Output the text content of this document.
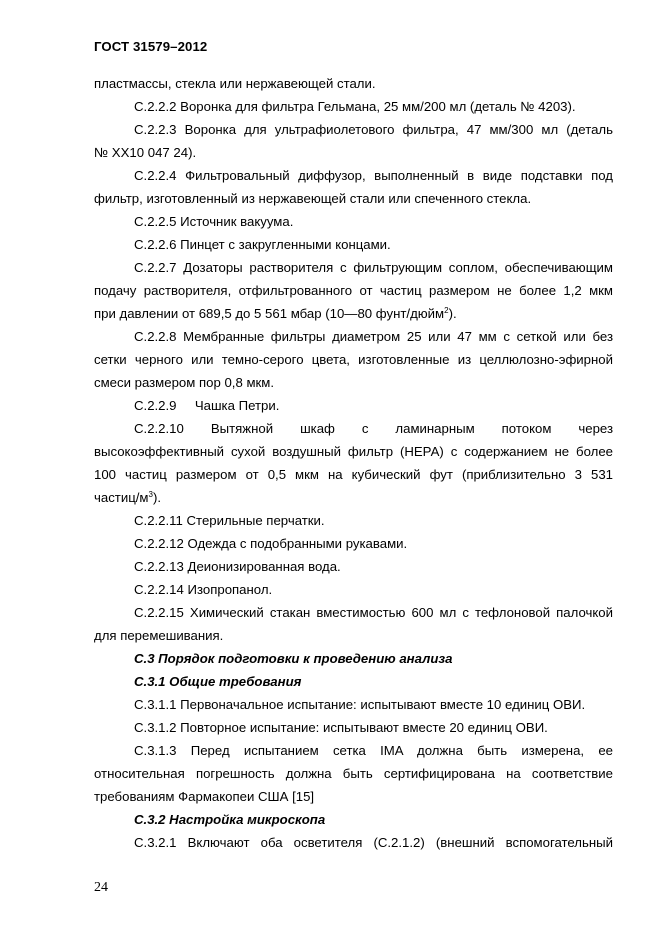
ГОСТ 31579–2012
пластмассы, стекла или нержавеющей стали.
С.2.2.2 Воронка для фильтра Гельмана, 25 мм/200 мл (деталь № 4203).
С.2.2.3 Воронка для ультрафиолетового фильтра, 47 мм/300 мл (деталь
№ ХХ10 047 24).
С.2.2.4 Фильтровальный диффузор, выполненный в виде подставки под
фильтр, изготовленный из нержавеющей стали или спеченного стекла.
С.2.2.5 Источник вакуума.
С.2.2.6 Пинцет с закругленными концами.
С.2.2.7 Дозаторы растворителя с фильтрующим соплом, обеспечивающим
подачу растворителя, отфильтрованного от частиц размером не более 1,2 мкм
при давлении от 689,5 до 5 561 мбар (10—80 фунт/дюйм$^2$).
С.2.2.8 Мембранные фильтры диаметром 25 или 47 мм с сеткой или без
сетки черного или темно-серого цвета, изготовленные из целлюлозно-эфирной
смеси размером пор 0,8 мкм.
С.2.2.9     Чашка Петри.
С.2.2.10 Вытяжной шкаф с ламинарным потоком через
высокоэффективный сухой воздушный фильтр (НЕРА) с содержанием не более
100 частиц размером от 0,5 мкм на кубический фут (приблизительно 3 531
частиц/$м^3$).
С.2.2.11 Стерильные перчатки.
С.2.2.12 Одежда с подобранными рукавами.
С.2.2.13 Деионизированная вода.
С.2.2.14 Изопропанол.
С.2.2.15 Химический стакан вместимостью 600 мл с тефлоновой палочкой
для перемешивания.
С.3 Порядок подготовки к проведению анализа
С.3.1 Общие требования
С.3.1.1 Первоначальное испытание: испытывают вместе 10 единиц ОВИ.
С.3.1.2 Повторное испытание: испытывают вместе 20 единиц ОВИ.
С.3.1.3 Перед испытанием сетка IMA должна быть измерена, ее
относительная погрешность должна быть сертифицирована на соответствие
требованиям Фармакопеи США [15]
С.3.2 Настройка микроскопа
С.3.2.1 Включают оба осветителя (С.2.1.2) (внешний вспомогательный
24
